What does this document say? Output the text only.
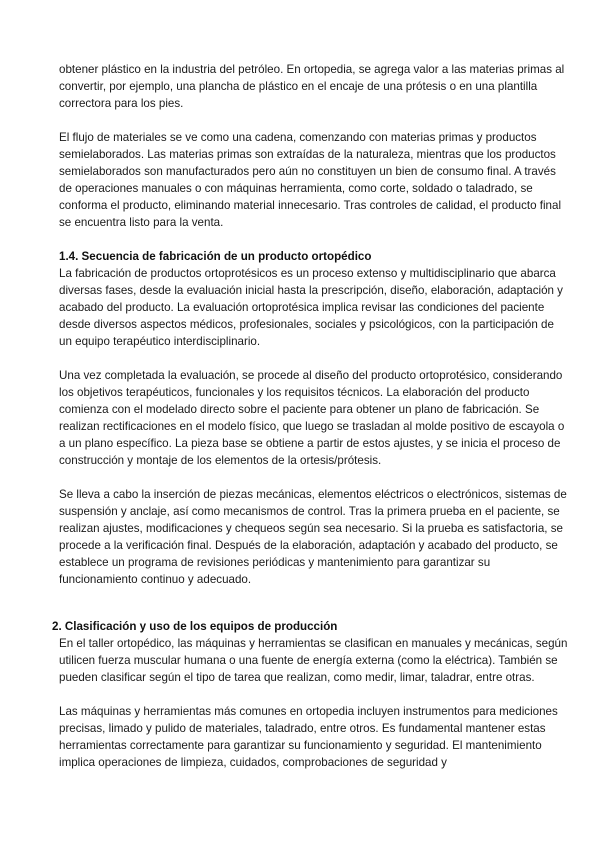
obtener plástico en la industria del petróleo. En ortopedia, se agrega valor a las materias primas al convertir, por ejemplo, una plancha de plástico en el encaje de una prótesis o en una plantilla correctora para los pies.

El flujo de materiales se ve como una cadena, comenzando con materias primas y productos semielaborados. Las materias primas son extraídas de la naturaleza, mientras que los productos semielaborados son manufacturados pero aún no constituyen un bien de consumo final. A través de operaciones manuales o con máquinas herramienta, como corte, soldado o taladrado, se conforma el producto, eliminando material innecesario. Tras controles de calidad, el producto final se encuentra listo para la venta.

1.4. Secuencia de fabricación de un producto ortopédico

La fabricación de productos ortoprotésicos es un proceso extenso y multidisciplinario que abarca diversas fases, desde la evaluación inicial hasta la prescripción, diseño, elaboración, adaptación y acabado del producto. La evaluación ortoprotésica implica revisar las condiciones del paciente desde diversos aspectos médicos, profesionales, sociales y psicológicos, con la participación de un equipo terapéutico interdisciplinario.

Una vez completada la evaluación, se procede al diseño del producto ortoprotésico, considerando los objetivos terapéuticos, funcionales y los requisitos técnicos. La elaboración del producto comienza con el modelado directo sobre el paciente para obtener un plano de fabricación. Se realizan rectificaciones en el modelo físico, que luego se trasladan al molde positivo de escayola o a un plano específico. La pieza base se obtiene a partir de estos ajustes, y se inicia el proceso de construcción y montaje de los elementos de la ortesis/prótesis.

Se lleva a cabo la inserción de piezas mecánicas, elementos eléctricos o electrónicos, sistemas de suspensión y anclaje, así como mecanismos de control. Tras la primera prueba en el paciente, se realizan ajustes, modificaciones y chequeos según sea necesario. Si la prueba es satisfactoria, se procede a la verificación final. Después de la elaboración, adaptación y acabado del producto, se establece un programa de revisiones periódicas y mantenimiento para garantizar su funcionamiento continuo y adecuado.

2. Clasificación y uso de los equipos de producción

En el taller ortopédico, las máquinas y herramientas se clasifican en manuales y mecánicas, según utilicen fuerza muscular humana o una fuente de energía externa (como la eléctrica). También se pueden clasificar según el tipo de tarea que realizan, como medir, limar, taladrar, entre otras.

Las máquinas y herramientas más comunes en ortopedia incluyen instrumentos para mediciones precisas, limado y pulido de materiales, taladrado, entre otros. Es fundamental mantener estas herramientas correctamente para garantizar su funcionamiento y seguridad. El mantenimiento implica operaciones de limpieza, cuidados, comprobaciones de seguridad y
